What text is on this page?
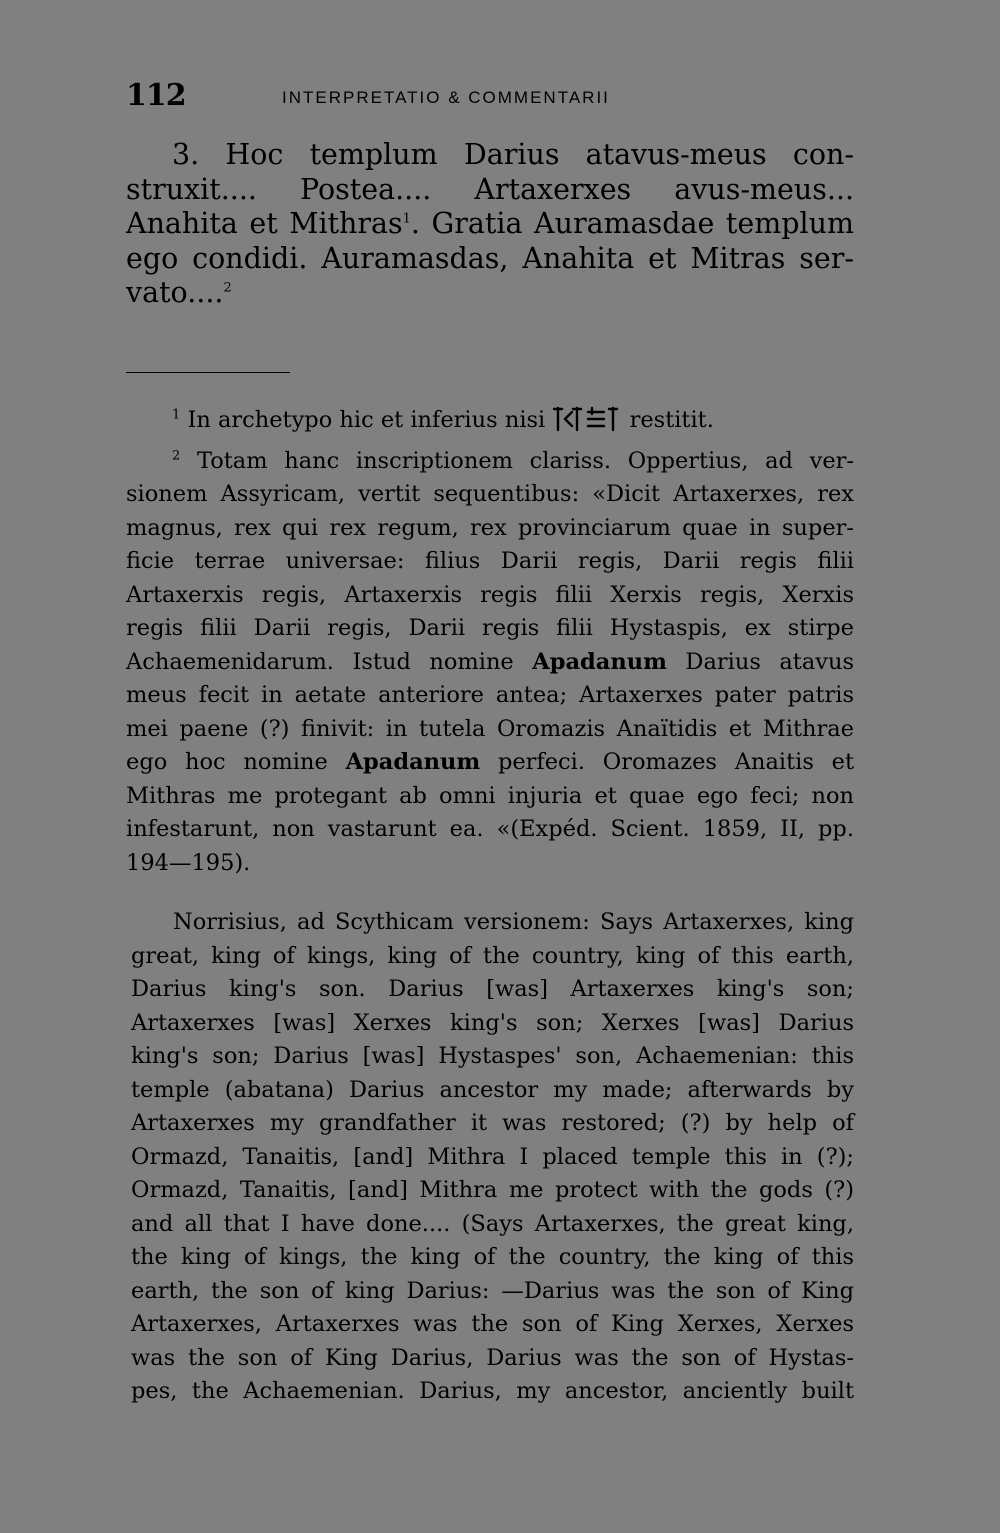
112	INTERPRETATIO & COMMENTARII
3. Hoc templum Darius atavus-meus con-
struxit.... Postea.... Artaxerxes avus-meus...
Anahita et Mithras$^1$. Gratia Auramasdae templum
ego condidi. Auramasdas, Anahita et Mitras ser-
vato....$^2$

$^1$ In archetypo hic et inferius nisi	restitit.

$^2$ Totam hanc inscriptionem clariss. Oppertius, ad ver-
sionem Assyricam, vertit sequentibus: «Dicit Artaxerxes, rex
magnus, rex qui rex regum, rex provinciarum quae in super-
ficie terrae universae: filius Darii regis, Darii regis filii
Artaxerxis regis, Artaxerxis regis filii Xerxis regis, Xerxis
regis filii Darii regis, Darii regis filii Hystaspis, ex stirpe
Achaemenidarum. Istud nomine Apadanum Darius atavus
meus fecit in aetate anteriore antea; Artaxerxes pater patris
mei paene (?) finivit: in tutela Oromazis Anaïtidis et Mithrae
ego hoc nomine Apadanum perfeci. Oromazes Anaitis et
Mithras me protegant ab omni injuria et quae ego feci; non
infestarunt, non vastarunt ea. «(Expéd. Scient. 1859, II, pp.
194—195).
Norrisius, ad Scythicam versionem: Says Artaxerxes, king
great, king of kings, king of the country, king of this earth,
Darius king's son. Darius [was] Artaxerxes king's son;
Artaxerxes [was] Xerxes king's son; Xerxes [was] Darius
king's son; Darius [was] Hystaspes' son, Achaemenian: this
temple (abatana) Darius ancestor my made; afterwards by
Artaxerxes my grandfather it was restored; (?) by help of
Ormazd, Tanaitis, [and] Mithra I placed temple this in (?);
Ormazd, Tanaitis, [and] Mithra me protect with the gods (?)
and all that I have done.... (Says Artaxerxes, the great king,
the king of kings, the king of the country, the king of this
earth, the son of king Darius: —Darius was the son of King
Artaxerxes, Artaxerxes was the son of King Xerxes, Xerxes
was the son of King Darius, Darius was the son of Hystas-
pes, the Achaemenian. Darius, my ancestor, anciently built
